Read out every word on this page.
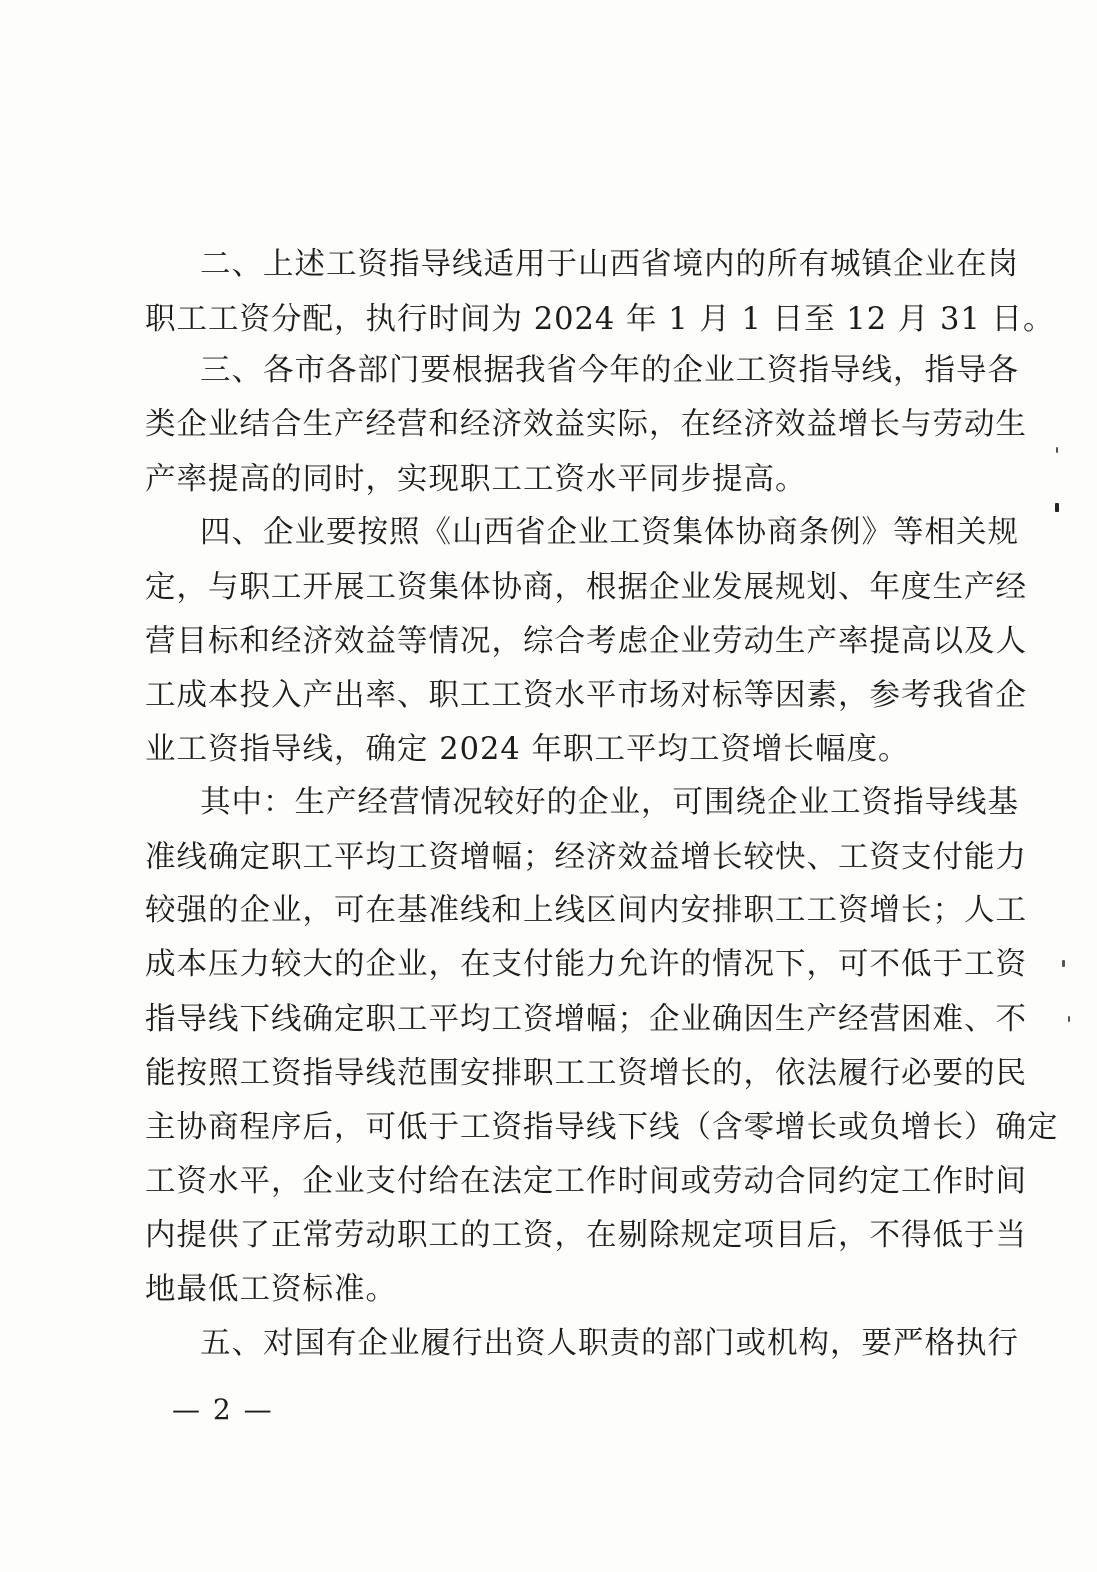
二、上述工资指导线适用于山西省境内的所有城镇企业在岗
职工工资分配，执行时间为 2024 年 1 月 1 日至 12 月 31 日。
三、各市各部门要根据我省今年的企业工资指导线，指导各
类企业结合生产经营和经济效益实际，在经济效益增长与劳动生
产率提高的同时，实现职工工资水平同步提高。
四、企业要按照《山西省企业工资集体协商条例》等相关规
定，与职工开展工资集体协商，根据企业发展规划、年度生产经
营目标和经济效益等情况，综合考虑企业劳动生产率提高以及人
工成本投入产出率、职工工资水平市场对标等因素，参考我省企
业工资指导线，确定 2024 年职工平均工资增长幅度。
其中：生产经营情况较好的企业，可围绕企业工资指导线基
准线确定职工平均工资增幅；经济效益增长较快、工资支付能力
较强的企业，可在基准线和上线区间内安排职工工资增长；人工
成本压力较大的企业，在支付能力允许的情况下，可不低于工资
指导线下线确定职工平均工资增幅；企业确因生产经营困难、不
能按照工资指导线范围安排职工工资增长的，依法履行必要的民
主协商程序后，可低于工资指导线下线（含零增长或负增长）确定
工资水平，企业支付给在法定工作时间或劳动合同约定工作时间
内提供了正常劳动职工的工资，在剔除规定项目后，不得低于当
地最低工资标准。
五、对国有企业履行出资人职责的部门或机构，要严格执行
— 2 —
